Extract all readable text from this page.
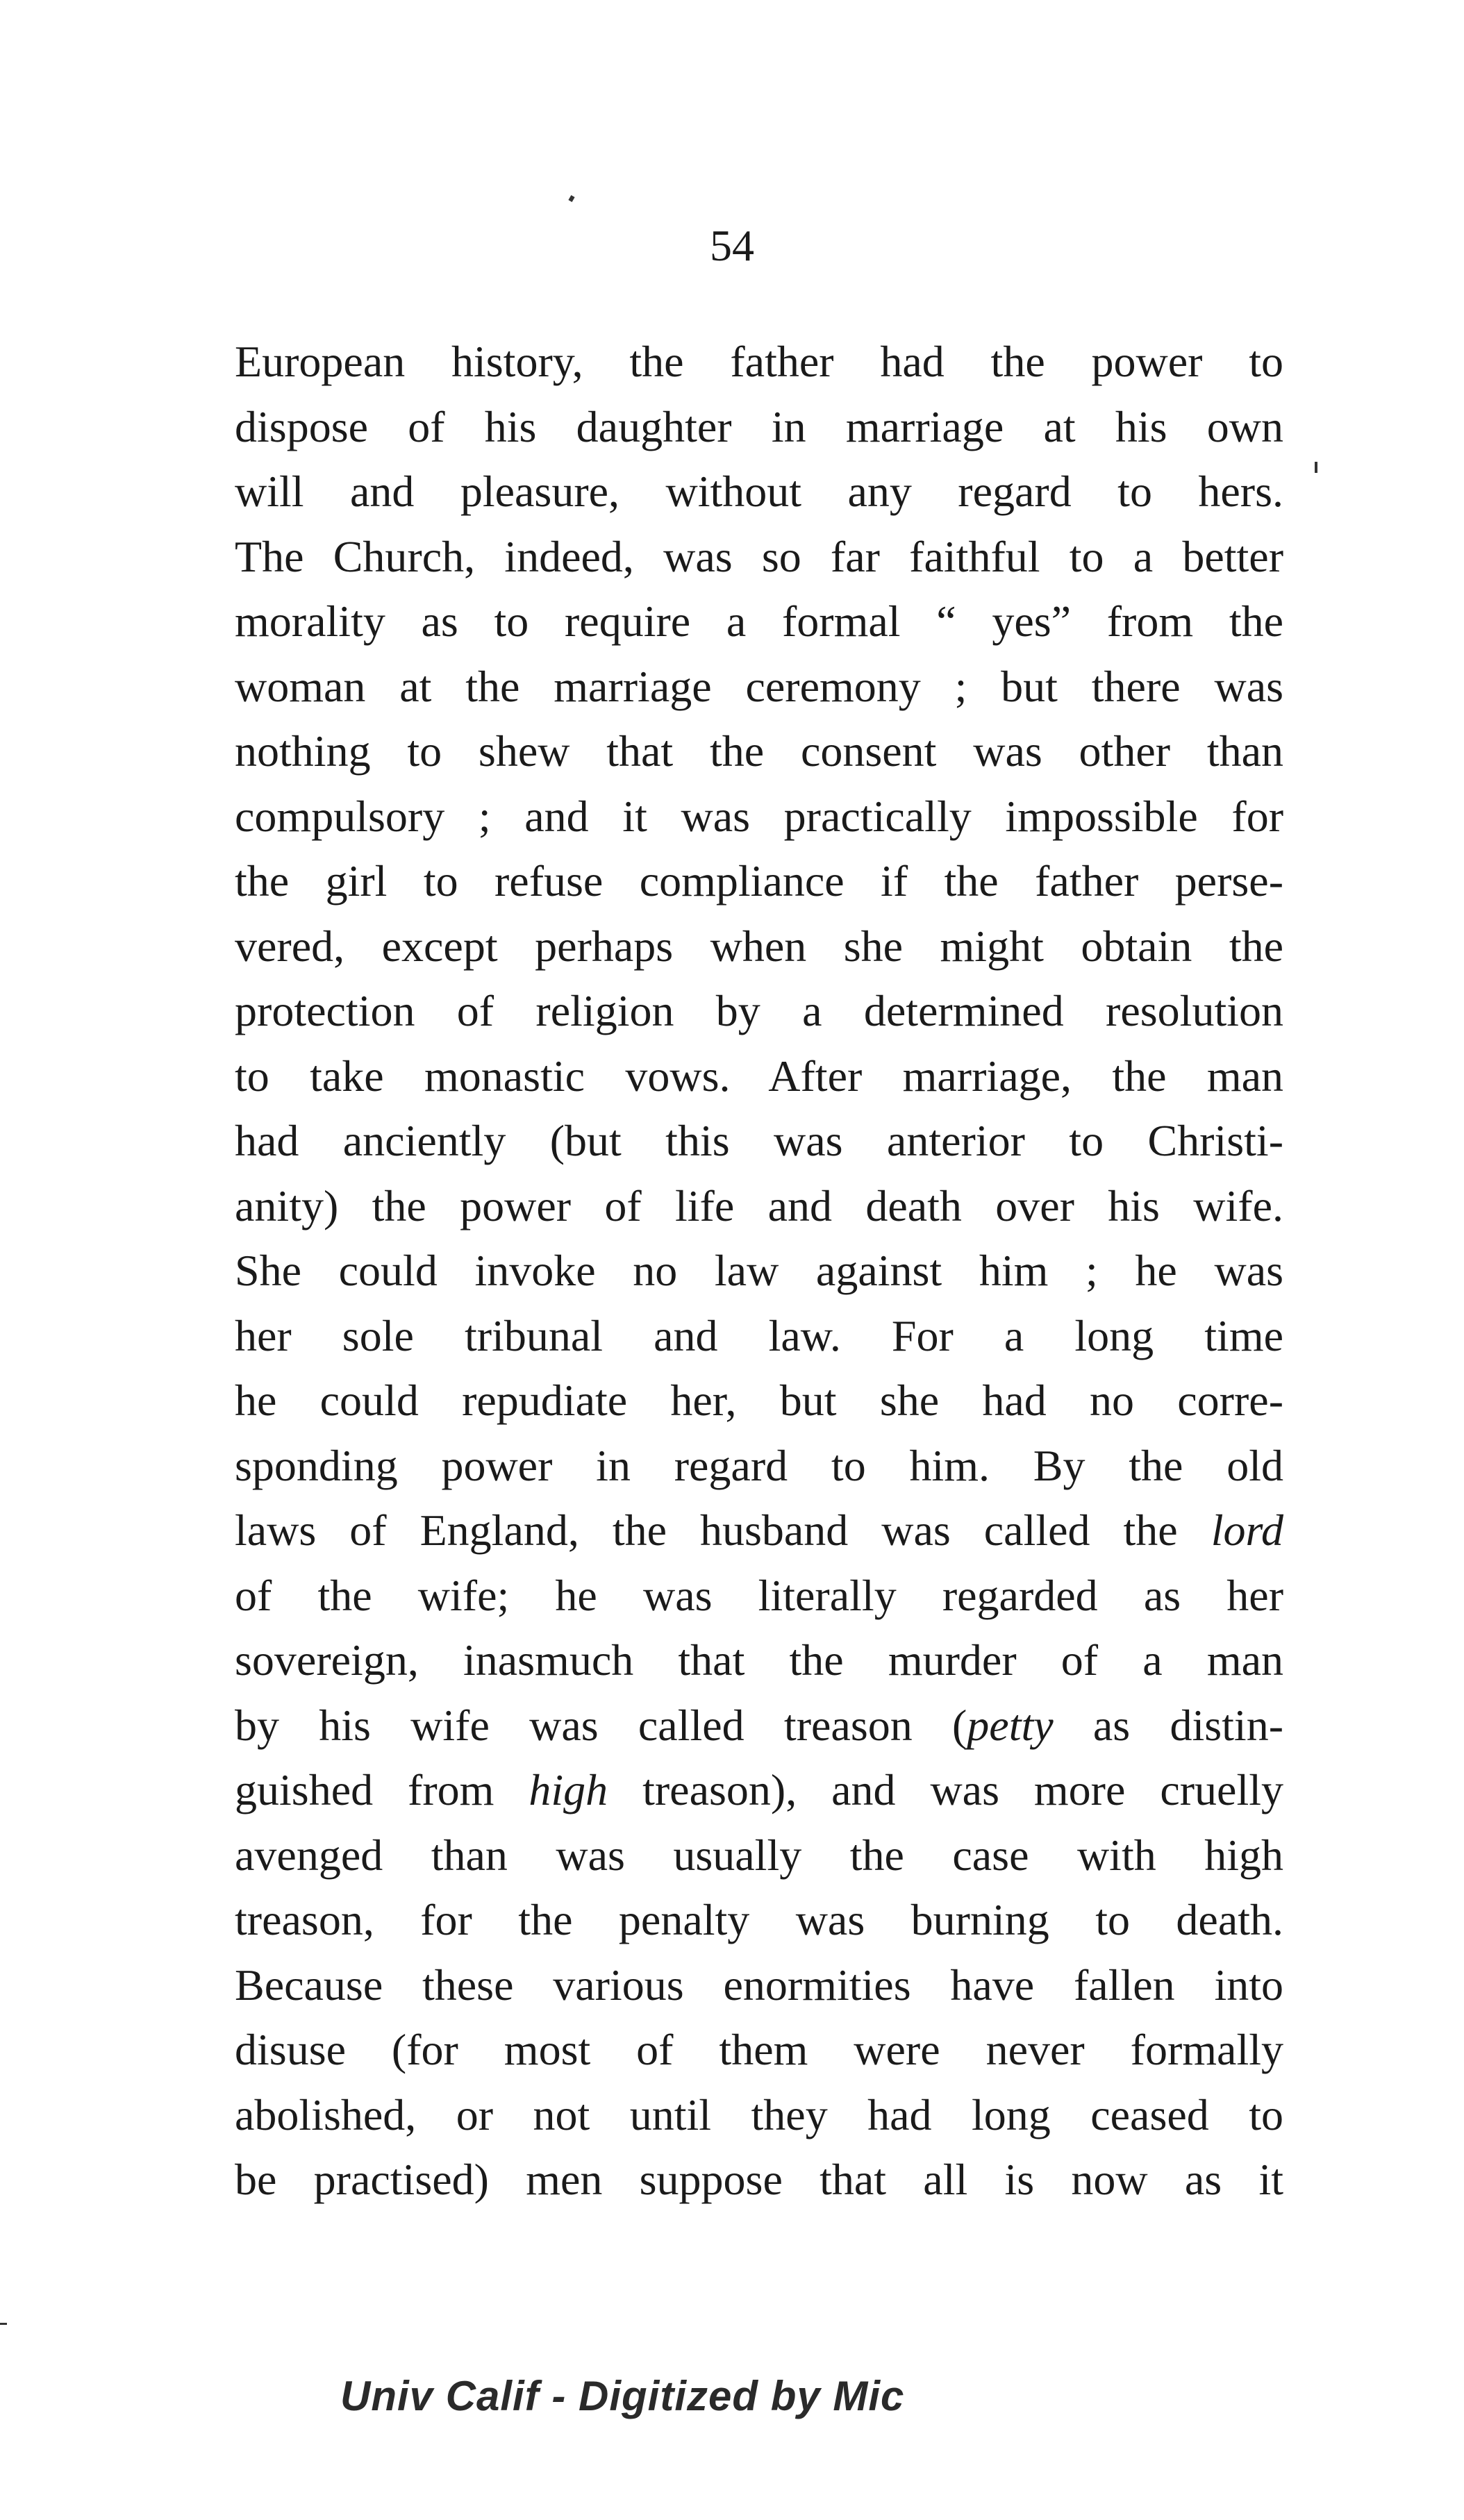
54
European history, the father had the power to
dispose of his daughter in marriage at his own
will and pleasure, without any regard to hers.
The Church, indeed, was so far faithful to a better
morality as to require a formal “ yes” from the
woman at the marriage ceremony ; but there was
nothing to shew that the consent was other than
compulsory ; and it was practically impossible for
the girl to refuse compliance if the father perse-
vered, except perhaps when she might obtain the
protection of religion by a determined resolution
to take monastic vows. After marriage, the man
had anciently (but this was anterior to Christi-
anity) the power of life and death over his wife.
She could invoke no law against him ; he was
her sole tribunal and law. For a long time
he could repudiate her, but she had no corre-
sponding power in regard to him. By the old
laws of England, the husband was called the lord
of the wife; he was literally regarded as her
sovereign, inasmuch that the murder of a man
by his wife was called treason (petty as distin-
guished from high treason), and was more cruelly
avenged than was usually the case with high
treason, for the penalty was burning to death.
Because these various enormities have fallen into
disuse (for most of them were never formally
abolished, or not until they had long ceased to
be practised) men suppose that all is now as it
Univ Calif - Digitized by Mic
